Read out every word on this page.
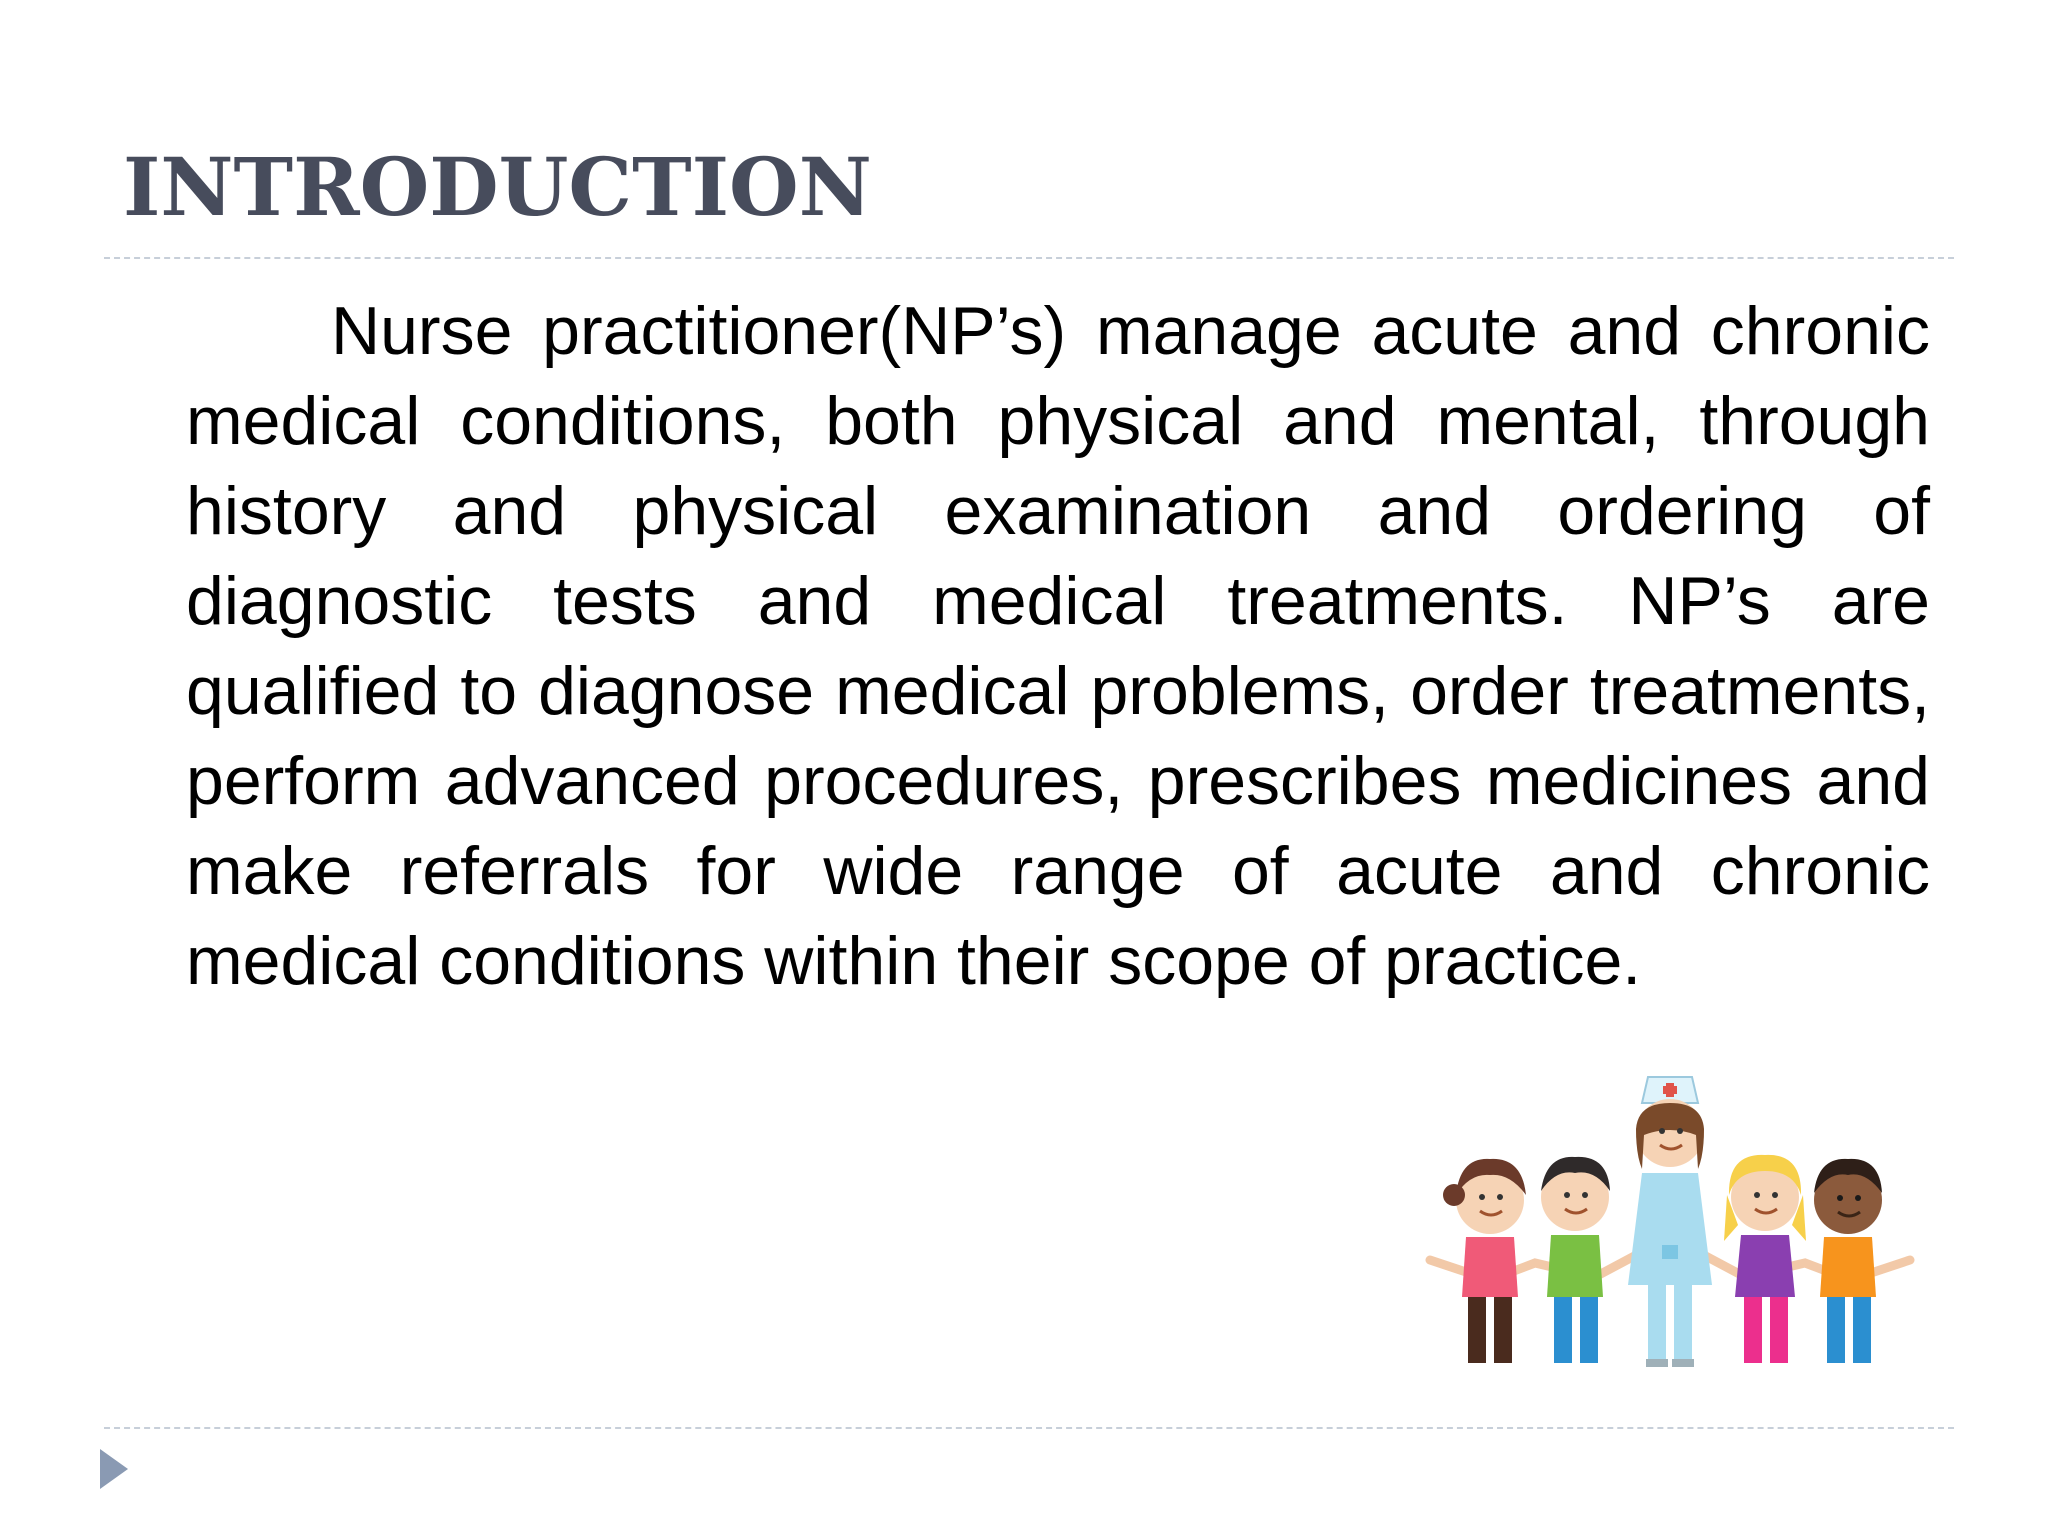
INTRODUCTION

Nurse practitioner(NP’s) manage acute and chronic medical conditions, both physical and mental, through history and physical examination and ordering of diagnostic tests and medical treatments. NP’s are qualified to diagnose medical problems, order treatments, perform advanced procedures, prescribes medicines and make referrals for wide range of acute and chronic medical conditions within their scope of practice.
